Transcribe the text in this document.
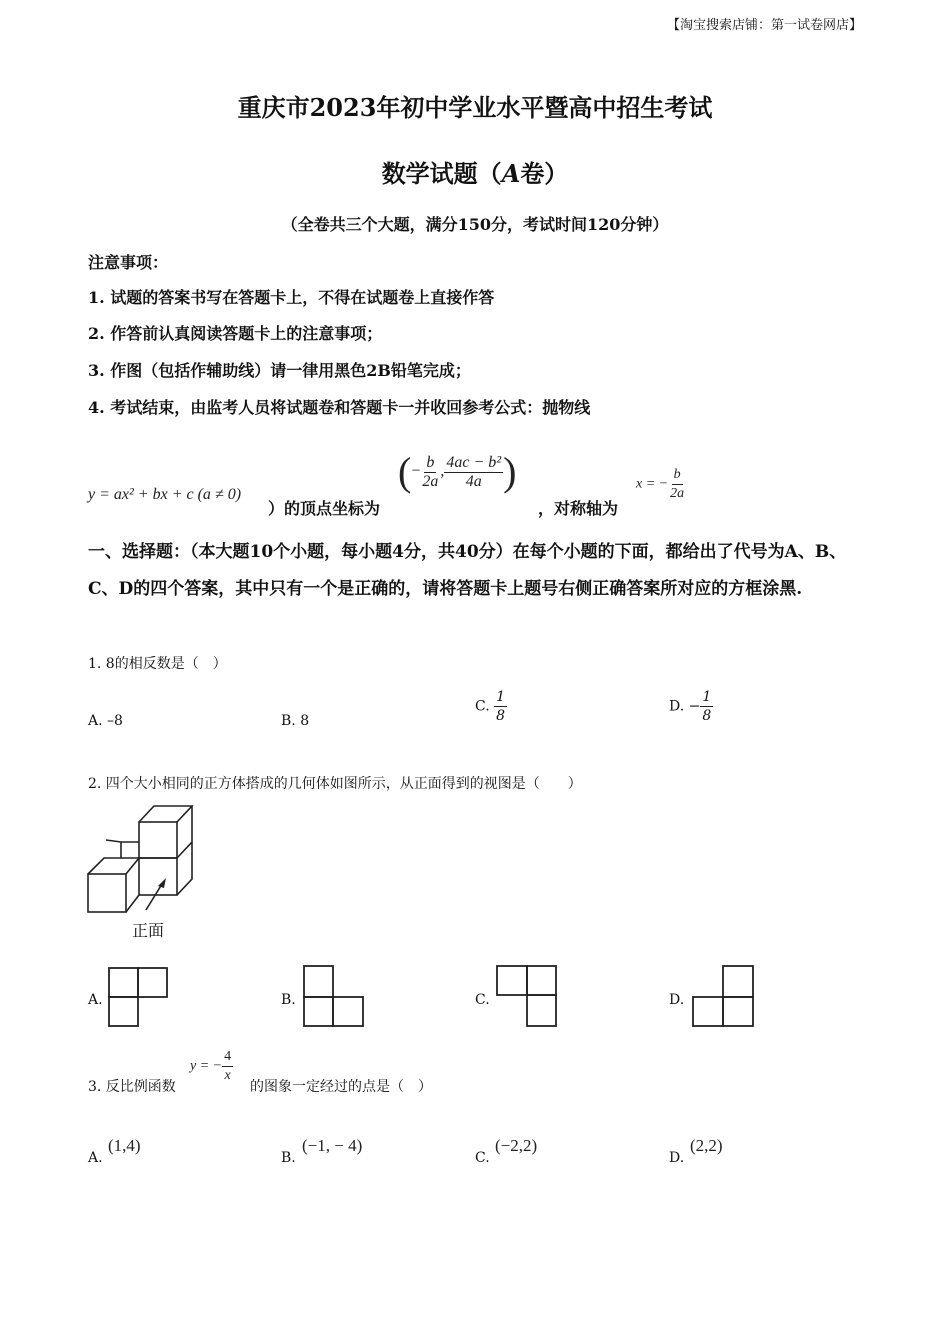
【淘宝搜索店铺：第一试卷网店】
重庆市2023年初中学业水平暨高中招生考试
数学试题（A卷）
（全卷共三个大题，满分150分，考试时间120分钟）
注意事项：
1. 试题的答案书写在答题卡上，不得在试题卷上直接作答
2. 作答前认真阅读答题卡上的注意事项；
3. 作图（包括作辅助线）请一律用黑色2B铅笔完成；
4. 考试结束，由监考人员将试题卷和答题卡一并收回参考公式：抛物线
y = ax² + bx + c (a ≠ 0)
）的顶点坐标为
(− $\frac{b}{2a}$ , $\frac{\text{4ac − b²}}{4a}$ )
，对称轴为
x = − $\frac{b}{2a}$
一、选择题：（本大题10个小题，每小题4分，共40分）在每个小题的下面，都给出了代号为A、B、C、D的四个答案，其中只有一个是正确的，请将答题卡上题号右侧正确答案所对应的方框涂黑.
1. 8的相反数是（　）
A. –8	B. 8
C. $\frac{1}{8}$	D. − $\frac{1}{8}$
2. 四个大小相同的正方体搭成的几何体如图所示，从正面得到的视图是（　　）
正面
A.	B.	C.	D.
3. 反比例函数
y = − $\frac{4}{x}$
的图象一定经过的点是（　）
A.
(1,4)
B.
(−1, − 4)
C.
(−2,2)
D.
(2,2)
